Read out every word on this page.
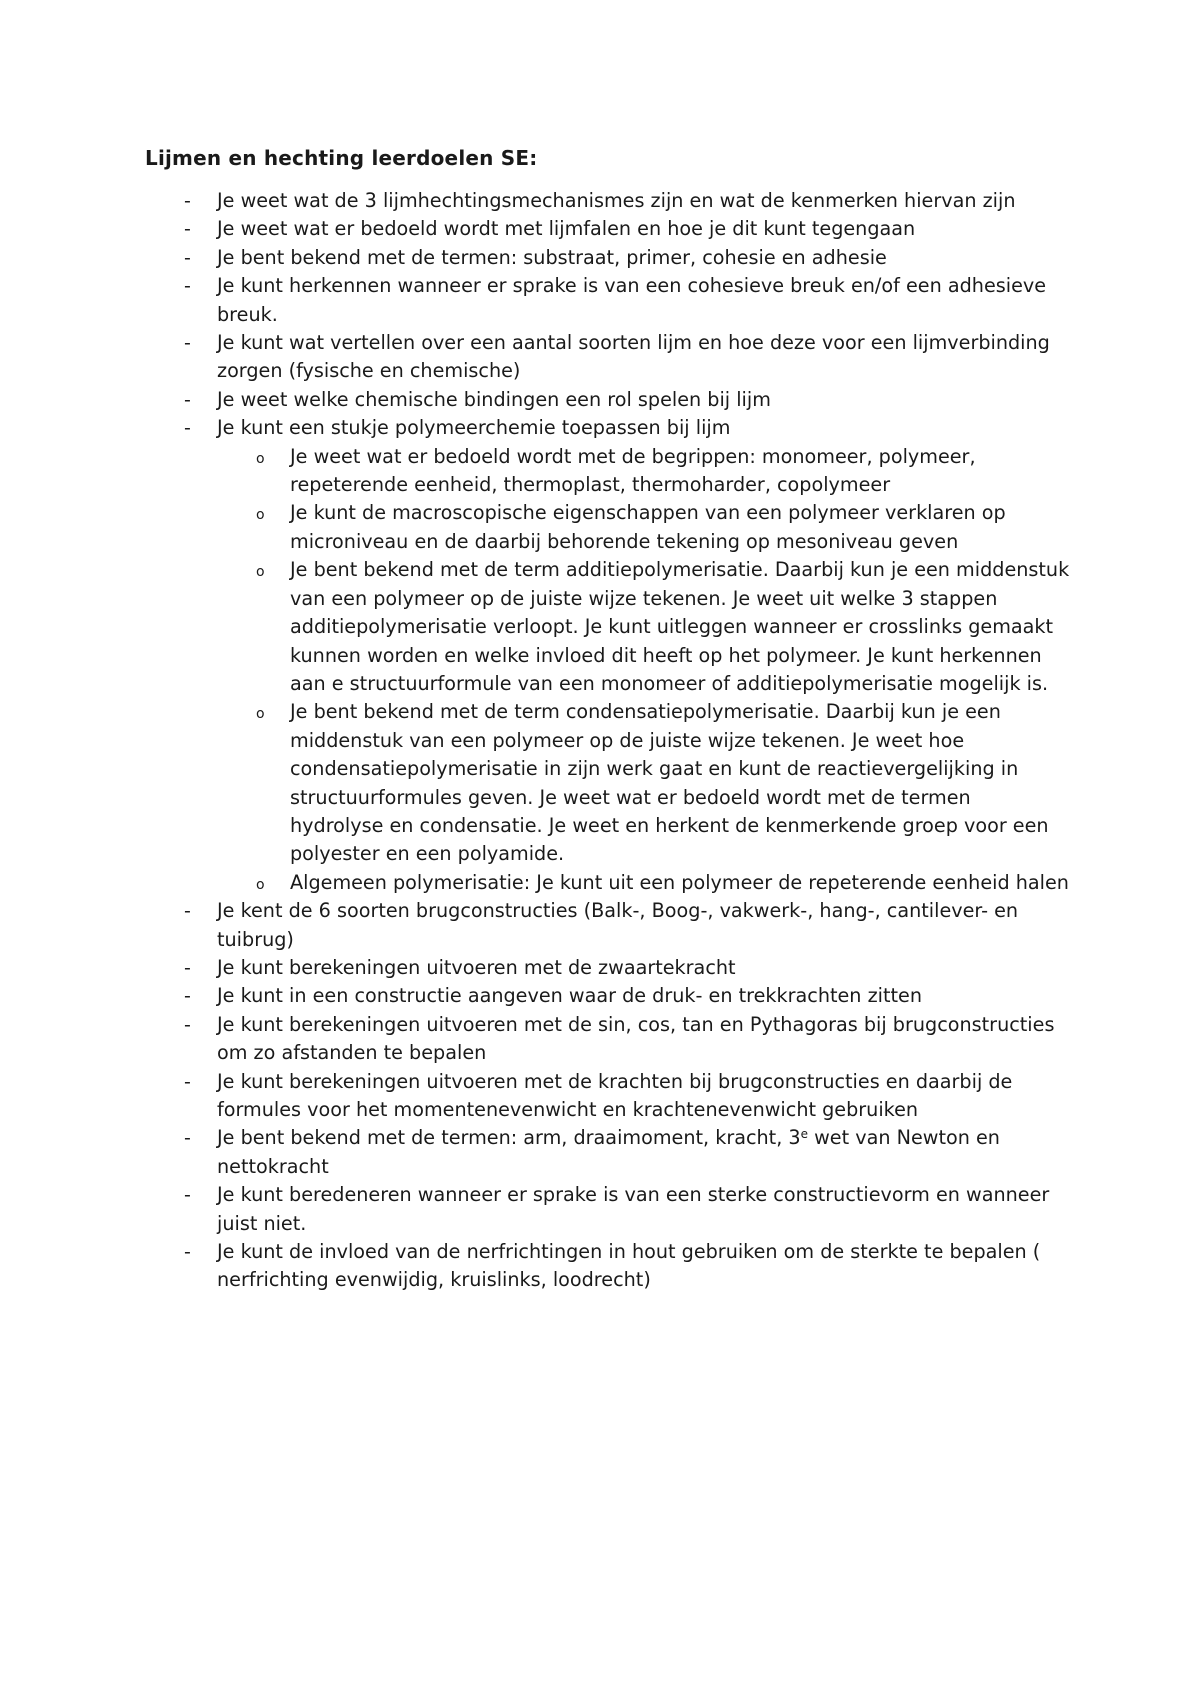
Lijmen en hechting leerdoelen SE:
-	Je weet wat de 3 lijmhechtingsmechanismes zijn en wat de kenmerken hiervan zijn
-	Je weet wat er bedoeld wordt met lijmfalen en hoe je dit kunt tegengaan
-	Je bent bekend met de termen: substraat, primer, cohesie en adhesie
-	Je kunt herkennen wanneer er sprake is van een cohesieve breuk en/of een adhesieve breuk.
-	Je kunt wat vertellen over een aantal soorten lijm en hoe deze voor een lijmverbinding zorgen (fysische en chemische)
-	Je weet welke chemische bindingen een rol spelen bij lijm
-	Je kunt een stukje polymeerchemie toepassen bij lijm
o Je weet wat er bedoeld wordt met de begrippen: monomeer, polymeer, repeterende eenheid, thermoplast, thermoharder, copolymeer
o Je kunt de macroscopische eigenschappen van een polymeer verklaren op microniveau en de daarbij behorende tekening op mesoniveau geven
o Je bent bekend met de term additiepolymerisatie. Daarbij kun je een middenstuk van een polymeer op de juiste wijze tekenen. Je weet uit welke 3 stappen additiepolymerisatie verloopt. Je kunt uitleggen wanneer er crosslinks gemaakt kunnen worden en welke invloed dit heeft op het polymeer. Je kunt herkennen aan e structuurformule van een monomeer of additiepolymerisatie mogelijk is.
o Je bent bekend met de term condensatiepolymerisatie. Daarbij kun je een middenstuk van een polymeer op de juiste wijze tekenen. Je weet hoe condensatiepolymerisatie in zijn werk gaat en kunt de reactievergelijking in structuurformules geven. Je weet wat er bedoeld wordt met de termen hydrolyse en condensatie. Je weet en herkent de kenmerkende groep voor een polyester en een polyamide.
o Algemeen polymerisatie: Je kunt uit een polymeer de repeterende eenheid halen
-	Je kent de 6 soorten brugconstructies (Balk-, Boog-, vakwerk-, hang-, cantilever- en tuibrug)
-	Je kunt berekeningen uitvoeren met de zwaartekracht
-	Je kunt in een constructie aangeven waar de druk- en trekkrachten zitten
-	Je kunt berekeningen uitvoeren met de sin, cos, tan en Pythagoras bij brugconstructies om zo afstanden te bepalen
-	Je kunt berekeningen uitvoeren met de krachten bij brugconstructies en daarbij de formules voor het momentenevenwicht en krachtenevenwicht gebruiken
-	Je bent bekend met de termen: arm, draaimoment, kracht, 3e wet van Newton en nettokracht
-	Je kunt beredeneren wanneer er sprake is van een sterke constructievorm en wanneer juist niet.
-	Je kunt de invloed van de nerfrichtingen in hout gebruiken om de sterkte te bepalen ( nerfrichting evenwijdig, kruislinks, loodrecht)
